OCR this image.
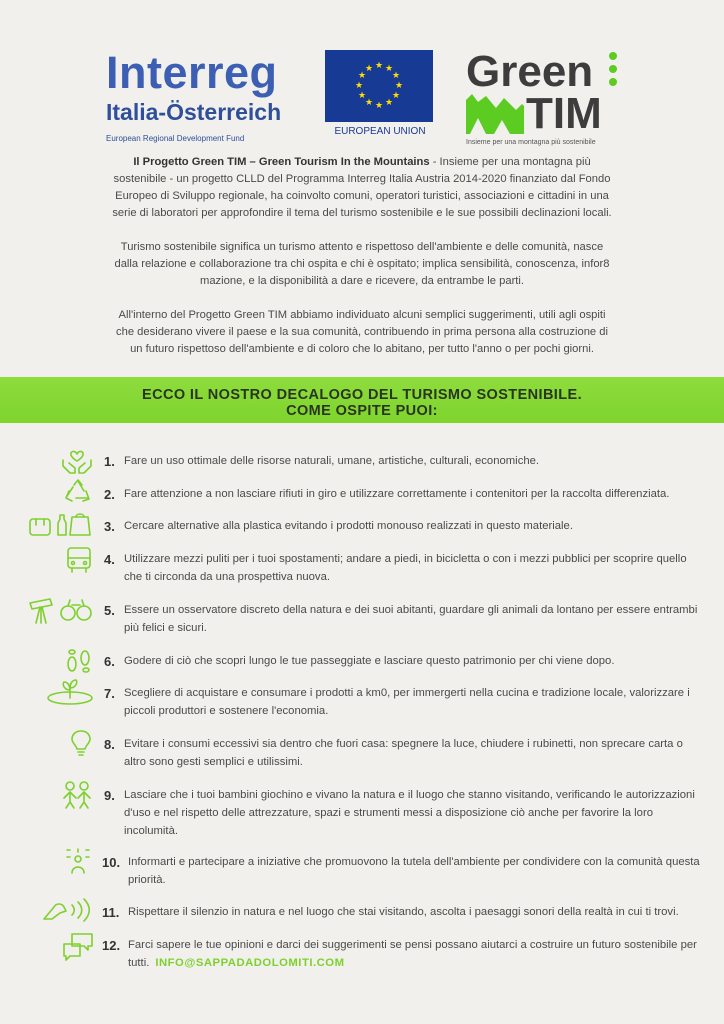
Interreg
Italia-Österreich
European Regional Development Fund
★ ★
★
★
★
★
★
★
★
★
★
★
EUROPEAN UNION
Green
TIM
Insieme per una montagna più sostenibile

Il Progetto Green TIM – Green Tourism In the Mountains - Insieme per una montagna più sostenibile - un progetto CLLD del Programma Interreg Italia Austria 2014-2020 finanziato dal Fondo Europeo di Sviluppo regionale, ha coinvolto comuni, operatori turistici, associazioni e cittadini in una serie di laboratori per approfondire il tema del turismo sostenibile e le sue possibili declinazioni locali.

Turismo sostenibile significa un turismo attento e rispettoso dell'ambiente e delle comunità, nasce dalla relazione e collaborazione tra chi ospita e chi è ospitato; implica sensibilità, conoscenza, infor8 mazione, e la disponibilità a dare e ricevere, da entrambe le parti.

All'interno del Progetto Green TIM abbiamo individuato alcuni semplici suggerimenti, utili agli ospiti che desiderano vivere il paese e la sua comunità, contribuendo in prima persona alla costruzione di un futuro rispettoso dell'ambiente e di coloro che lo abitano, per tutto l'anno o per pochi giorni.

ECCO IL NOSTRO DECALOGO DEL TURISMO SOSTENIBILE.
COME OSPITE PUOI:
1. Fare un uso ottimale delle risorse naturali, umane, artistiche, culturali, economiche.
2. Fare attenzione a non lasciare rifiuti in giro e utilizzare correttamente i contenitori per la raccolta differenziata.
3. Cercare alternative alla plastica evitando i prodotti monouso realizzati in questo materiale.
4. Utilizzare mezzi puliti per i tuoi spostamenti; andare a piedi, in bicicletta o con i mezzi pubblici per scoprire quello che ti circonda da una prospettiva nuova.
5. Essere un osservatore discreto della natura e dei suoi abitanti, guardare gli animali da lontano per essere entrambi più felici e sicuri.
6. Godere di ciò che scopri lungo le tue passeggiate e lasciare questo patrimonio per chi viene dopo.
7. Scegliere di acquistare e consumare i prodotti a km0, per immergerti nella cucina e tradizione locale, valorizzare i piccoli produttori e sostenere l'economia.
8. Evitare i consumi eccessivi sia dentro che fuori casa: spegnere la luce, chiudere i rubinetti, non sprecare carta o altro sono gesti semplici e utilissimi.
9. Lasciare che i tuoi bambini giochino e vivano la natura e il luogo che stanno visitando, verificando le autorizzazioni d'uso e nel rispetto delle attrezzature, spazi e strumenti messi a disposizione ciò anche per favorire la loro incolumità.
10. Informarti e partecipare a iniziative che promuovono la tutela dell'ambiente per condividere con la comunità questa priorità.
11. Rispettare il silenzio in natura e nel luogo che stai visitando, ascolta i paesaggi sonori della realtà in cui ti trovi.
12. Farci sapere le tue opinioni e darci dei suggerimenti se pensi possano aiutarci a costruire un futuro sostenibile per tutti. INFO@SAPPADADOLOMITI.COM
